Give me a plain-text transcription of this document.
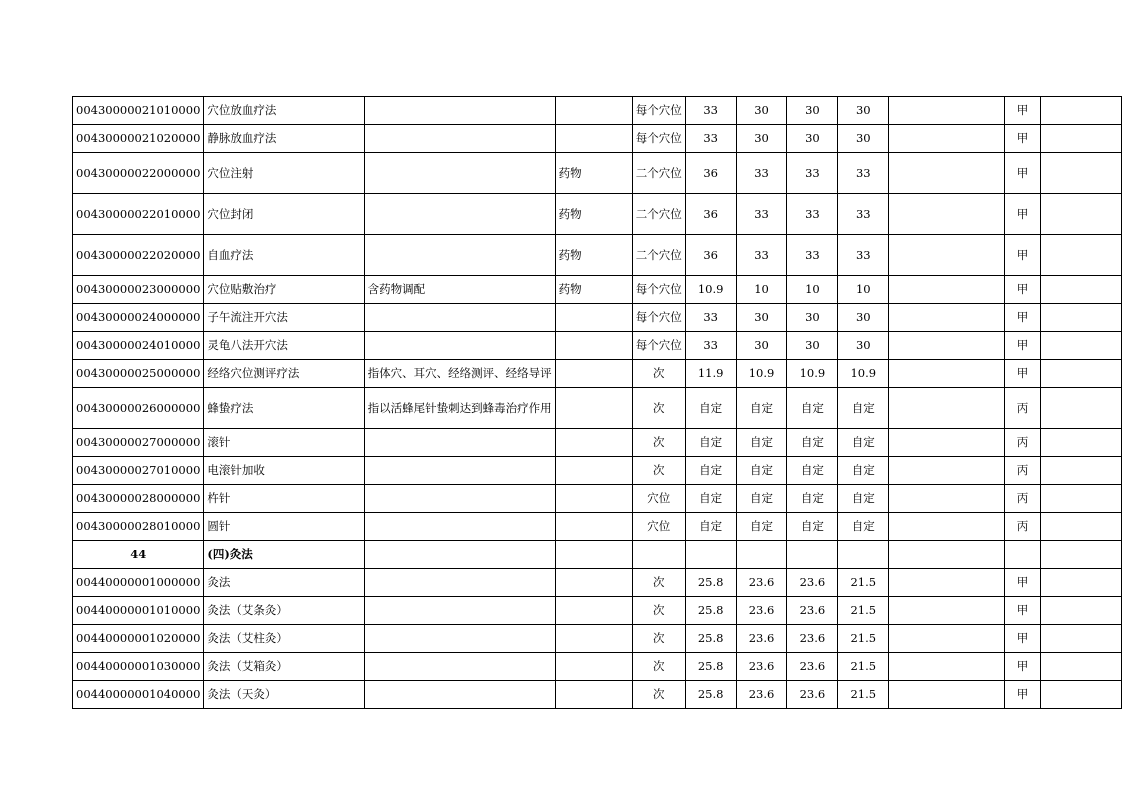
00430000021010000	穴位放血疗法			每个穴位	33	30	30	30		甲	

00430000021020000	静脉放血疗法			每个穴位	33	30	30	30		甲	

00430000022000000	穴位注射		药物	二个穴位	36	33	33	33		甲	

00430000022010000	穴位封闭		药物	二个穴位	36	33	33	33		甲	

00430000022020000	自血疗法		药物	二个穴位	36	33	33	33		甲	

00430000023000000	穴位贴敷治疗	含药物调配	药物	每个穴位	10.9	10	10	10		甲	

00430000024000000	子午流注开穴法			每个穴位	33	30	30	30		甲	

00430000024010000	灵龟八法开穴法			每个穴位	33	30	30	30		甲	

00430000025000000	经络穴位测评疗法	指体穴、耳穴、经络测评、经络导评		次	11.9	10.9	10.9	10.9		甲	

00430000026000000	蜂蛰疗法	指以活蜂尾针蛰刺达到蜂毒治疗作用		次	自定	自定	自定	自定		丙	

00430000027000000	滚针			次	自定	自定	自定	自定		丙	

00430000027010000	电滚针加收			次	自定	自定	自定	自定		丙	

00430000028000000	杵针			穴位	自定	自定	自定	自定		丙	

00430000028010000	圆针			穴位	自定	自定	自定	自定		丙	

44	(四)灸法										

00440000001000000	灸法			次	25.8	23.6	23.6	21.5		甲	

00440000001010000	灸法（艾条灸）			次	25.8	23.6	23.6	21.5		甲	

00440000001020000	灸法（艾柱灸）			次	25.8	23.6	23.6	21.5		甲	

00440000001030000	灸法（艾箱灸）			次	25.8	23.6	23.6	21.5		甲	

00440000001040000	灸法（天灸）			次	25.8	23.6	23.6	21.5		甲	
